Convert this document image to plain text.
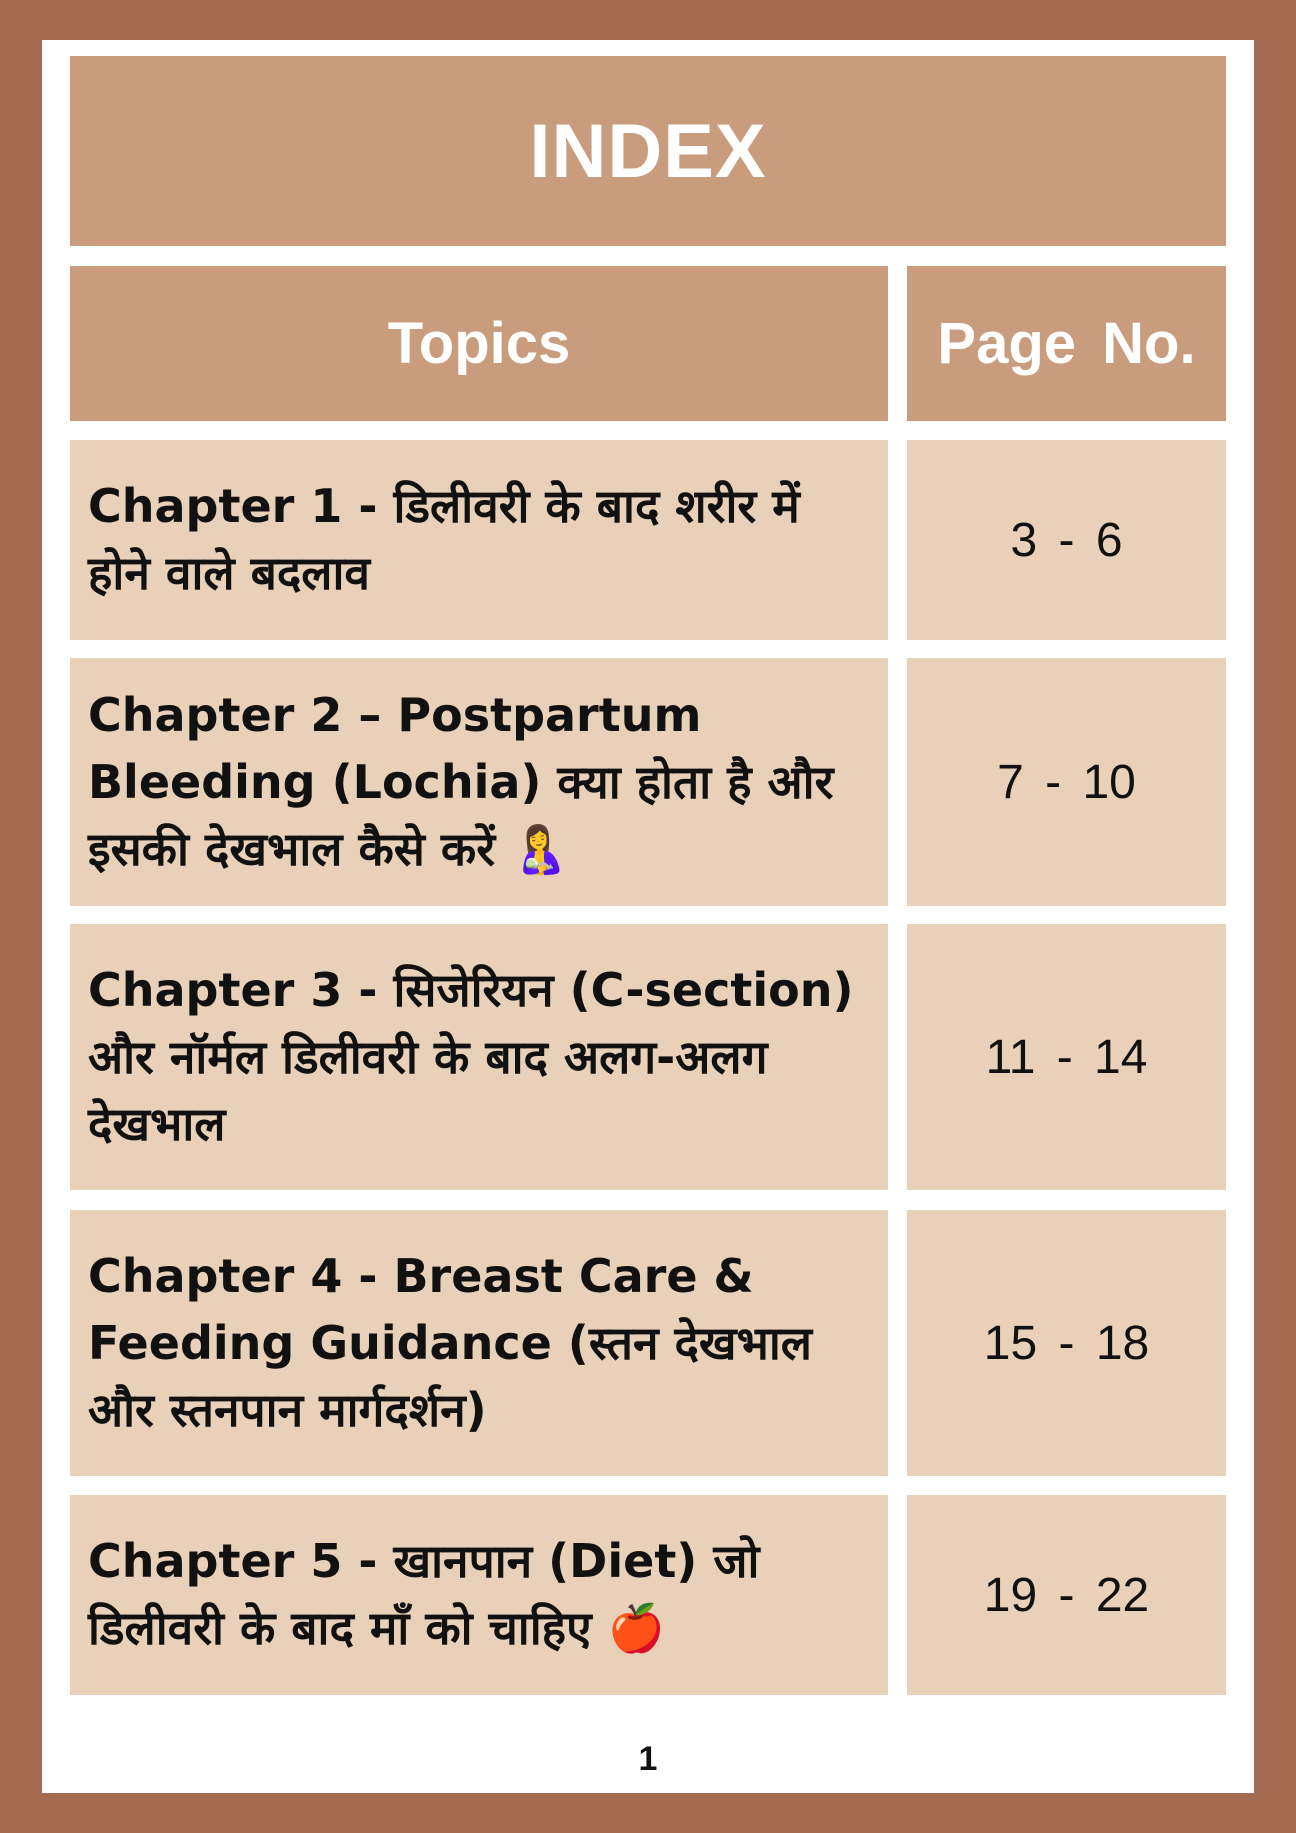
INDEX
Topics	Page No.
Chapter 1 - डिलीवरी के बाद शरीर में होने वाले बदलाव
3 - 6
Chapter 2 – Postpartum Bleeding (Lochia) क्या होता है और इसकी देखभाल कैसे करें 🤱
7 - 10
Chapter 3 - सिजेरियन (C-section) और नॉर्मल डिलीवरी के बाद अलग-अलग देखभाल
11 - 14
Chapter 4 - Breast Care & Feeding Guidance (स्तन देखभाल और स्तनपान मार्गदर्शन)
15 - 18
Chapter 5 - खानपान (Diet) जो डिलीवरी के बाद माँ को चाहिए 🍎
19 - 22
1
